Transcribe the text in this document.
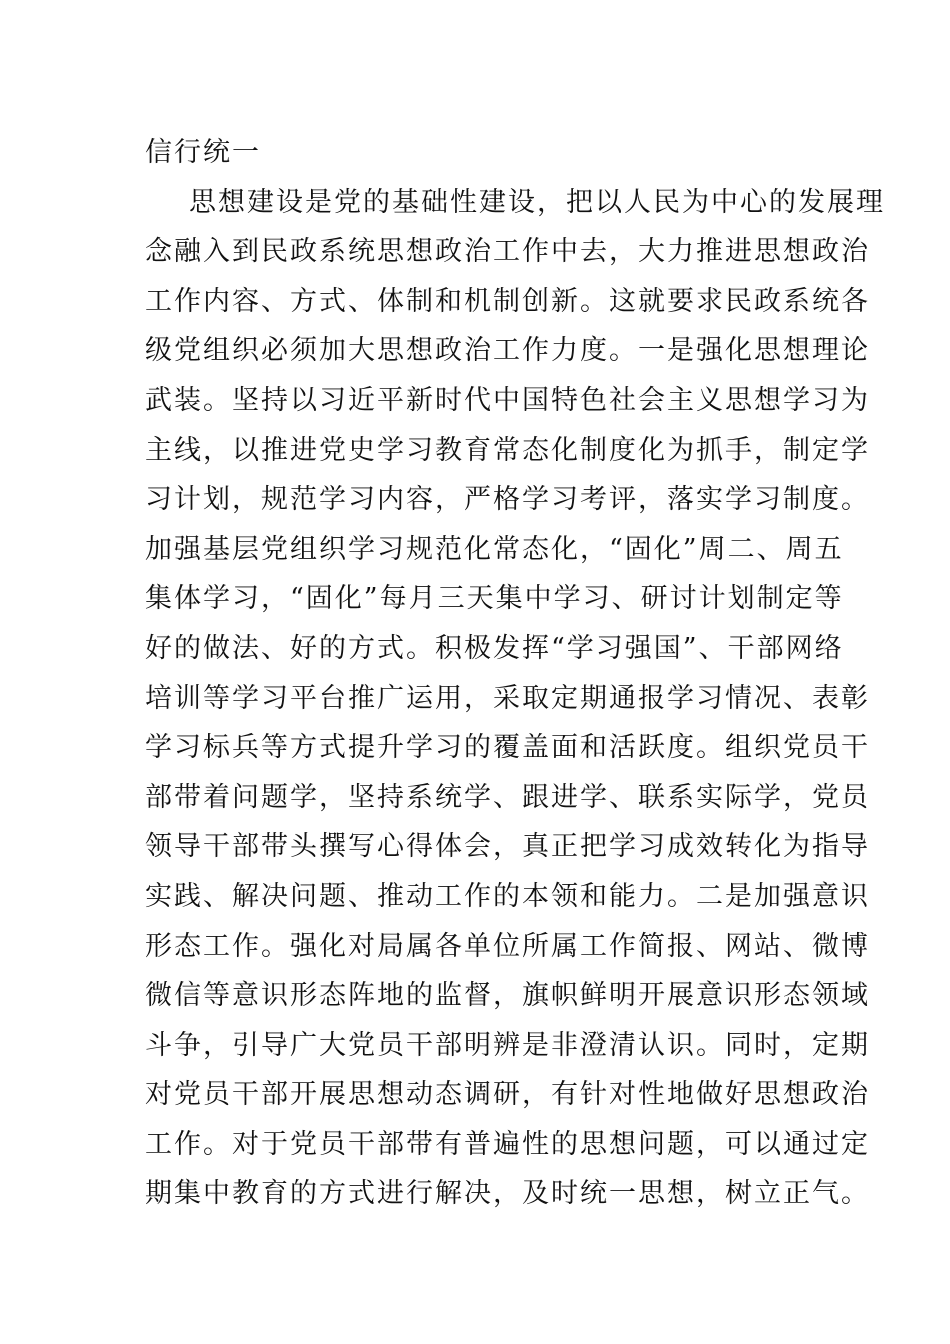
信行统一
思想建设是党的基础性建设，把以人民为中心的发展理
念融入到民政系统思想政治工作中去，大力推进思想政治
工作内容、方式、体制和机制创新。这就要求民政系统各
级党组织必须加大思想政治工作力度。一是强化思想理论
武装。坚持以习近平新时代中国特色社会主义思想学习为
主线，以推进党史学习教育常态化制度化为抓手，制定学
习计划，规范学习内容，严格学习考评，落实学习制度。
加强基层党组织学习规范化常态化，“固化”周二、周五
集体学习，“固化”每月三天集中学习、研讨计划制定等
好的做法、好的方式。积极发挥“学习强国”、干部网络
培训等学习平台推广运用，采取定期通报学习情况、表彰
学习标兵等方式提升学习的覆盖面和活跃度。组织党员干
部带着问题学，坚持系统学、跟进学、联系实际学，党员
领导干部带头撰写心得体会，真正把学习成效转化为指导
实践、解决问题、推动工作的本领和能力。二是加强意识
形态工作。强化对局属各单位所属工作简报、网站、微博
微信等意识形态阵地的监督，旗帜鲜明开展意识形态领域
斗争，引导广大党员干部明辨是非澄清认识。同时，定期
对党员干部开展思想动态调研，有针对性地做好思想政治
工作。对于党员干部带有普遍性的思想问题，可以通过定
期集中教育的方式进行解决，及时统一思想，树立正气。
